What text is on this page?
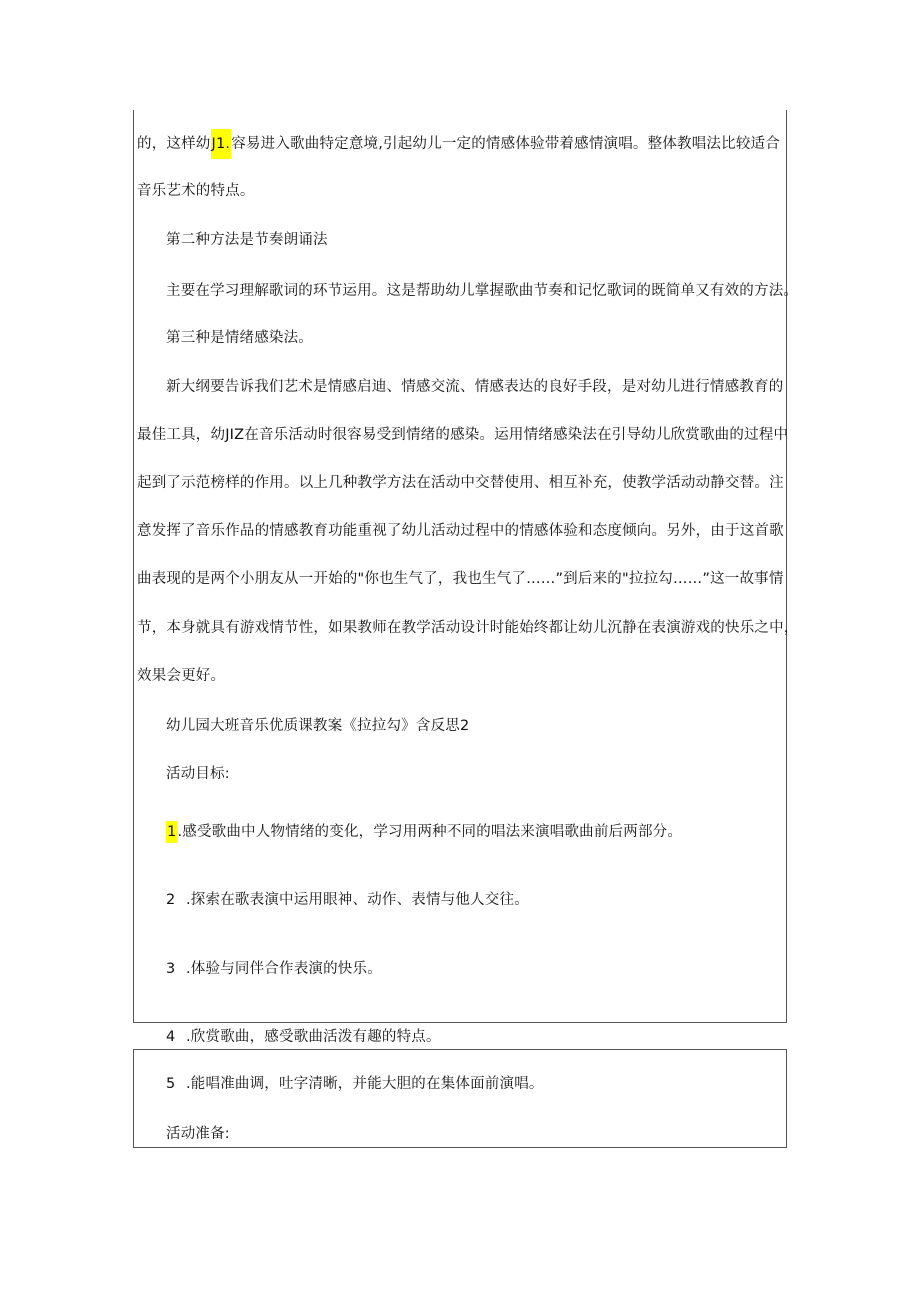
的，这样幼J1.容易进入歌曲特定意境,引起幼儿一定的情感体验带着感情演唱。整体教唱法比较适合
音乐艺术的特点。
第二种方法是节奏朗诵法
主要在学习理解歌词的环节运用。这是帮助幼儿掌握歌曲节奏和记忆歌词的既简单又有效的方法。
第三种是情绪感染法。
新大纲要告诉我们艺术是情感启迪、情感交流、情感表达的良好手段，是对幼儿进行情感教育的
最佳工具，幼JIZ在音乐活动时很容易受到情绪的感染。运用情绪感染法在引导幼儿欣赏歌曲的过程中
起到了示范榜样的作用。以上几种教学方法在活动中交替使用、相互补充，使教学活动动静交替。注
意发挥了音乐作品的情感教育功能重视了幼儿活动过程中的情感体验和态度倾向。另外，由于这首歌
曲表现的是两个小朋友从一开始的"你也生气了，我也生气了……”到后来的"拉拉勾……”这一故事情
节，本身就具有游戏情节性，如果教师在教学活动设计时能始终都让幼儿沉静在表演游戏的快乐之中，
效果会更好。
幼儿园大班音乐优质课教案《拉拉勾》含反思2
活动目标:
1.感受歌曲中人物情绪的变化，学习用两种不同的唱法来演唱歌曲前后两部分。
2 .探索在歌表演中运用眼神、动作、表情与他人交往。
3 .体验与同伴合作表演的快乐。
4 .欣赏歌曲，感受歌曲活泼有趣的特点。
5 .能唱准曲调，吐字清晰，并能大胆的在集体面前演唱。
活动准备:
